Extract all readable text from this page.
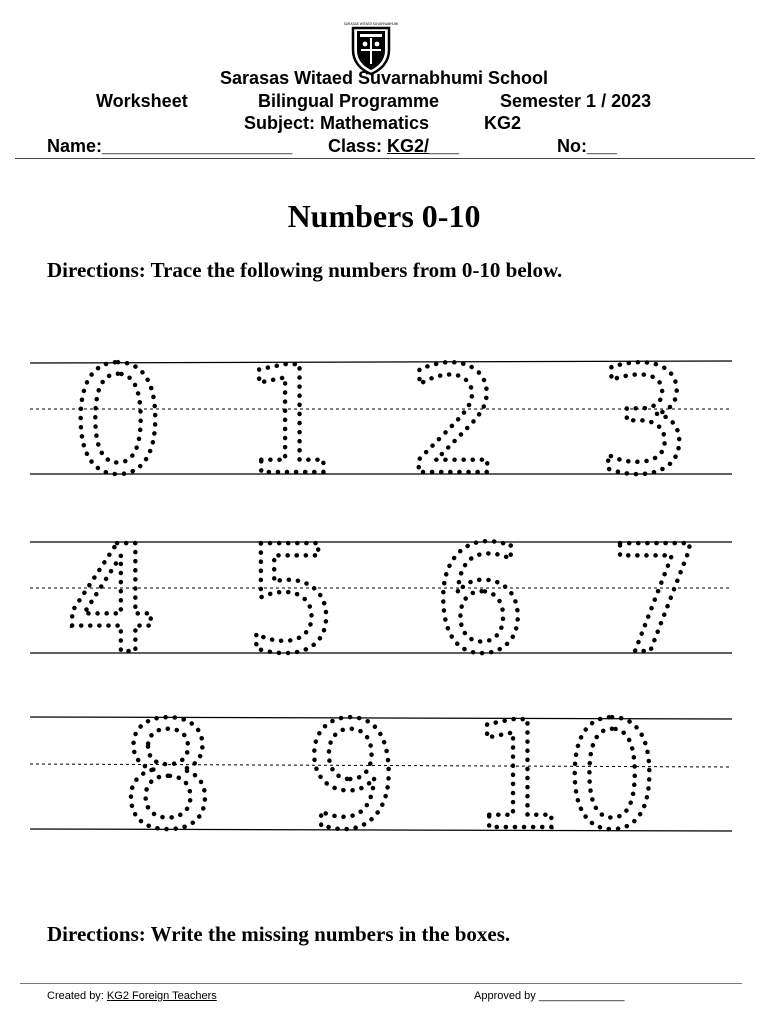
SARASAS WITAED SUVARNABHUMI
Sarasas Witaed Suvarnabhumi School
Worksheet	Bilingual Programme	Semester 1 / 2023
Subject: Mathematics	KG2
Name:___________________ Class: KG2/___	No:___
Numbers 0-10
Directions: Trace the following numbers from 0-10 below.
0 1 2 3
4 5 6 7
8 9 10
Directions: Write the missing numbers in the boxes.
Created by: KG2 Foreign Teachers	Approved by ______________
